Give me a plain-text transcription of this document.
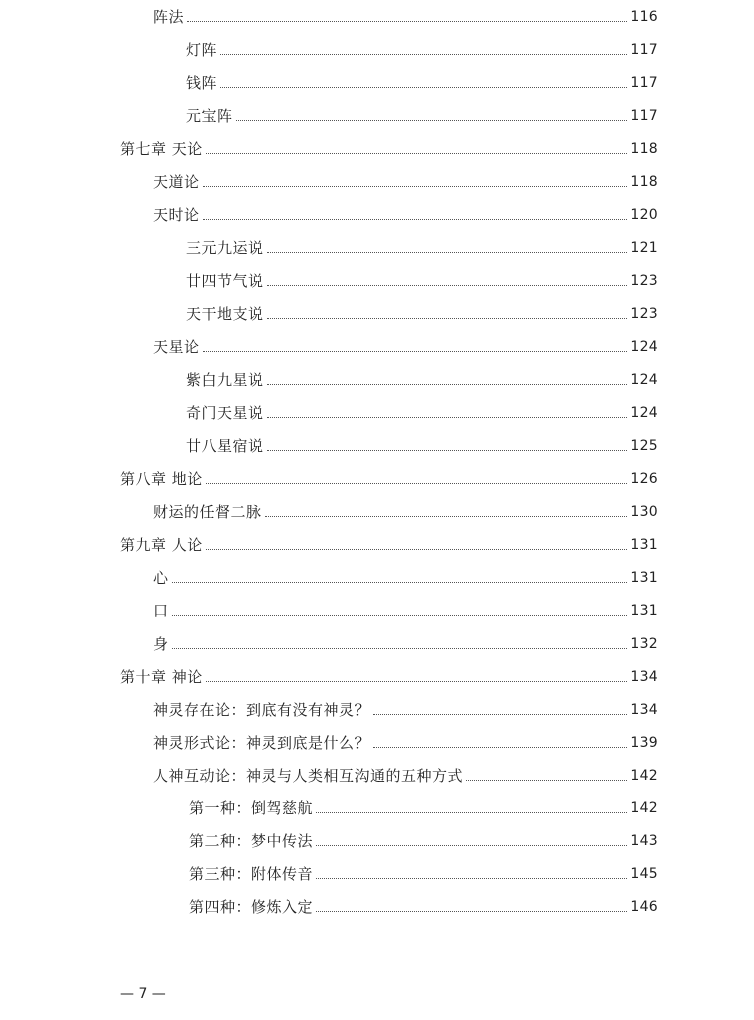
阵法	116
灯阵	117
钱阵	117
元宝阵	117
第七章 天论	118
天道论	118
天时论	120
三元九运说	121
廿四节气说	123
天干地支说	123
天星论	124
紫白九星说	124
奇门天星说	124
廿八星宿说	125
第八章 地论	126
财运的任督二脉	130
第九章 人论	131
心	131
口	131
身	132
第十章 神论	134
神灵存在论：到底有没有神灵？	134
神灵形式论：神灵到底是什么？	139
人神互动论：神灵与人类相互沟通的五种方式	142
第一种：倒驾慈航	142
第二种：梦中传法	143
第三种：附体传音	145
第四种：修炼入定	146
— 7 —
